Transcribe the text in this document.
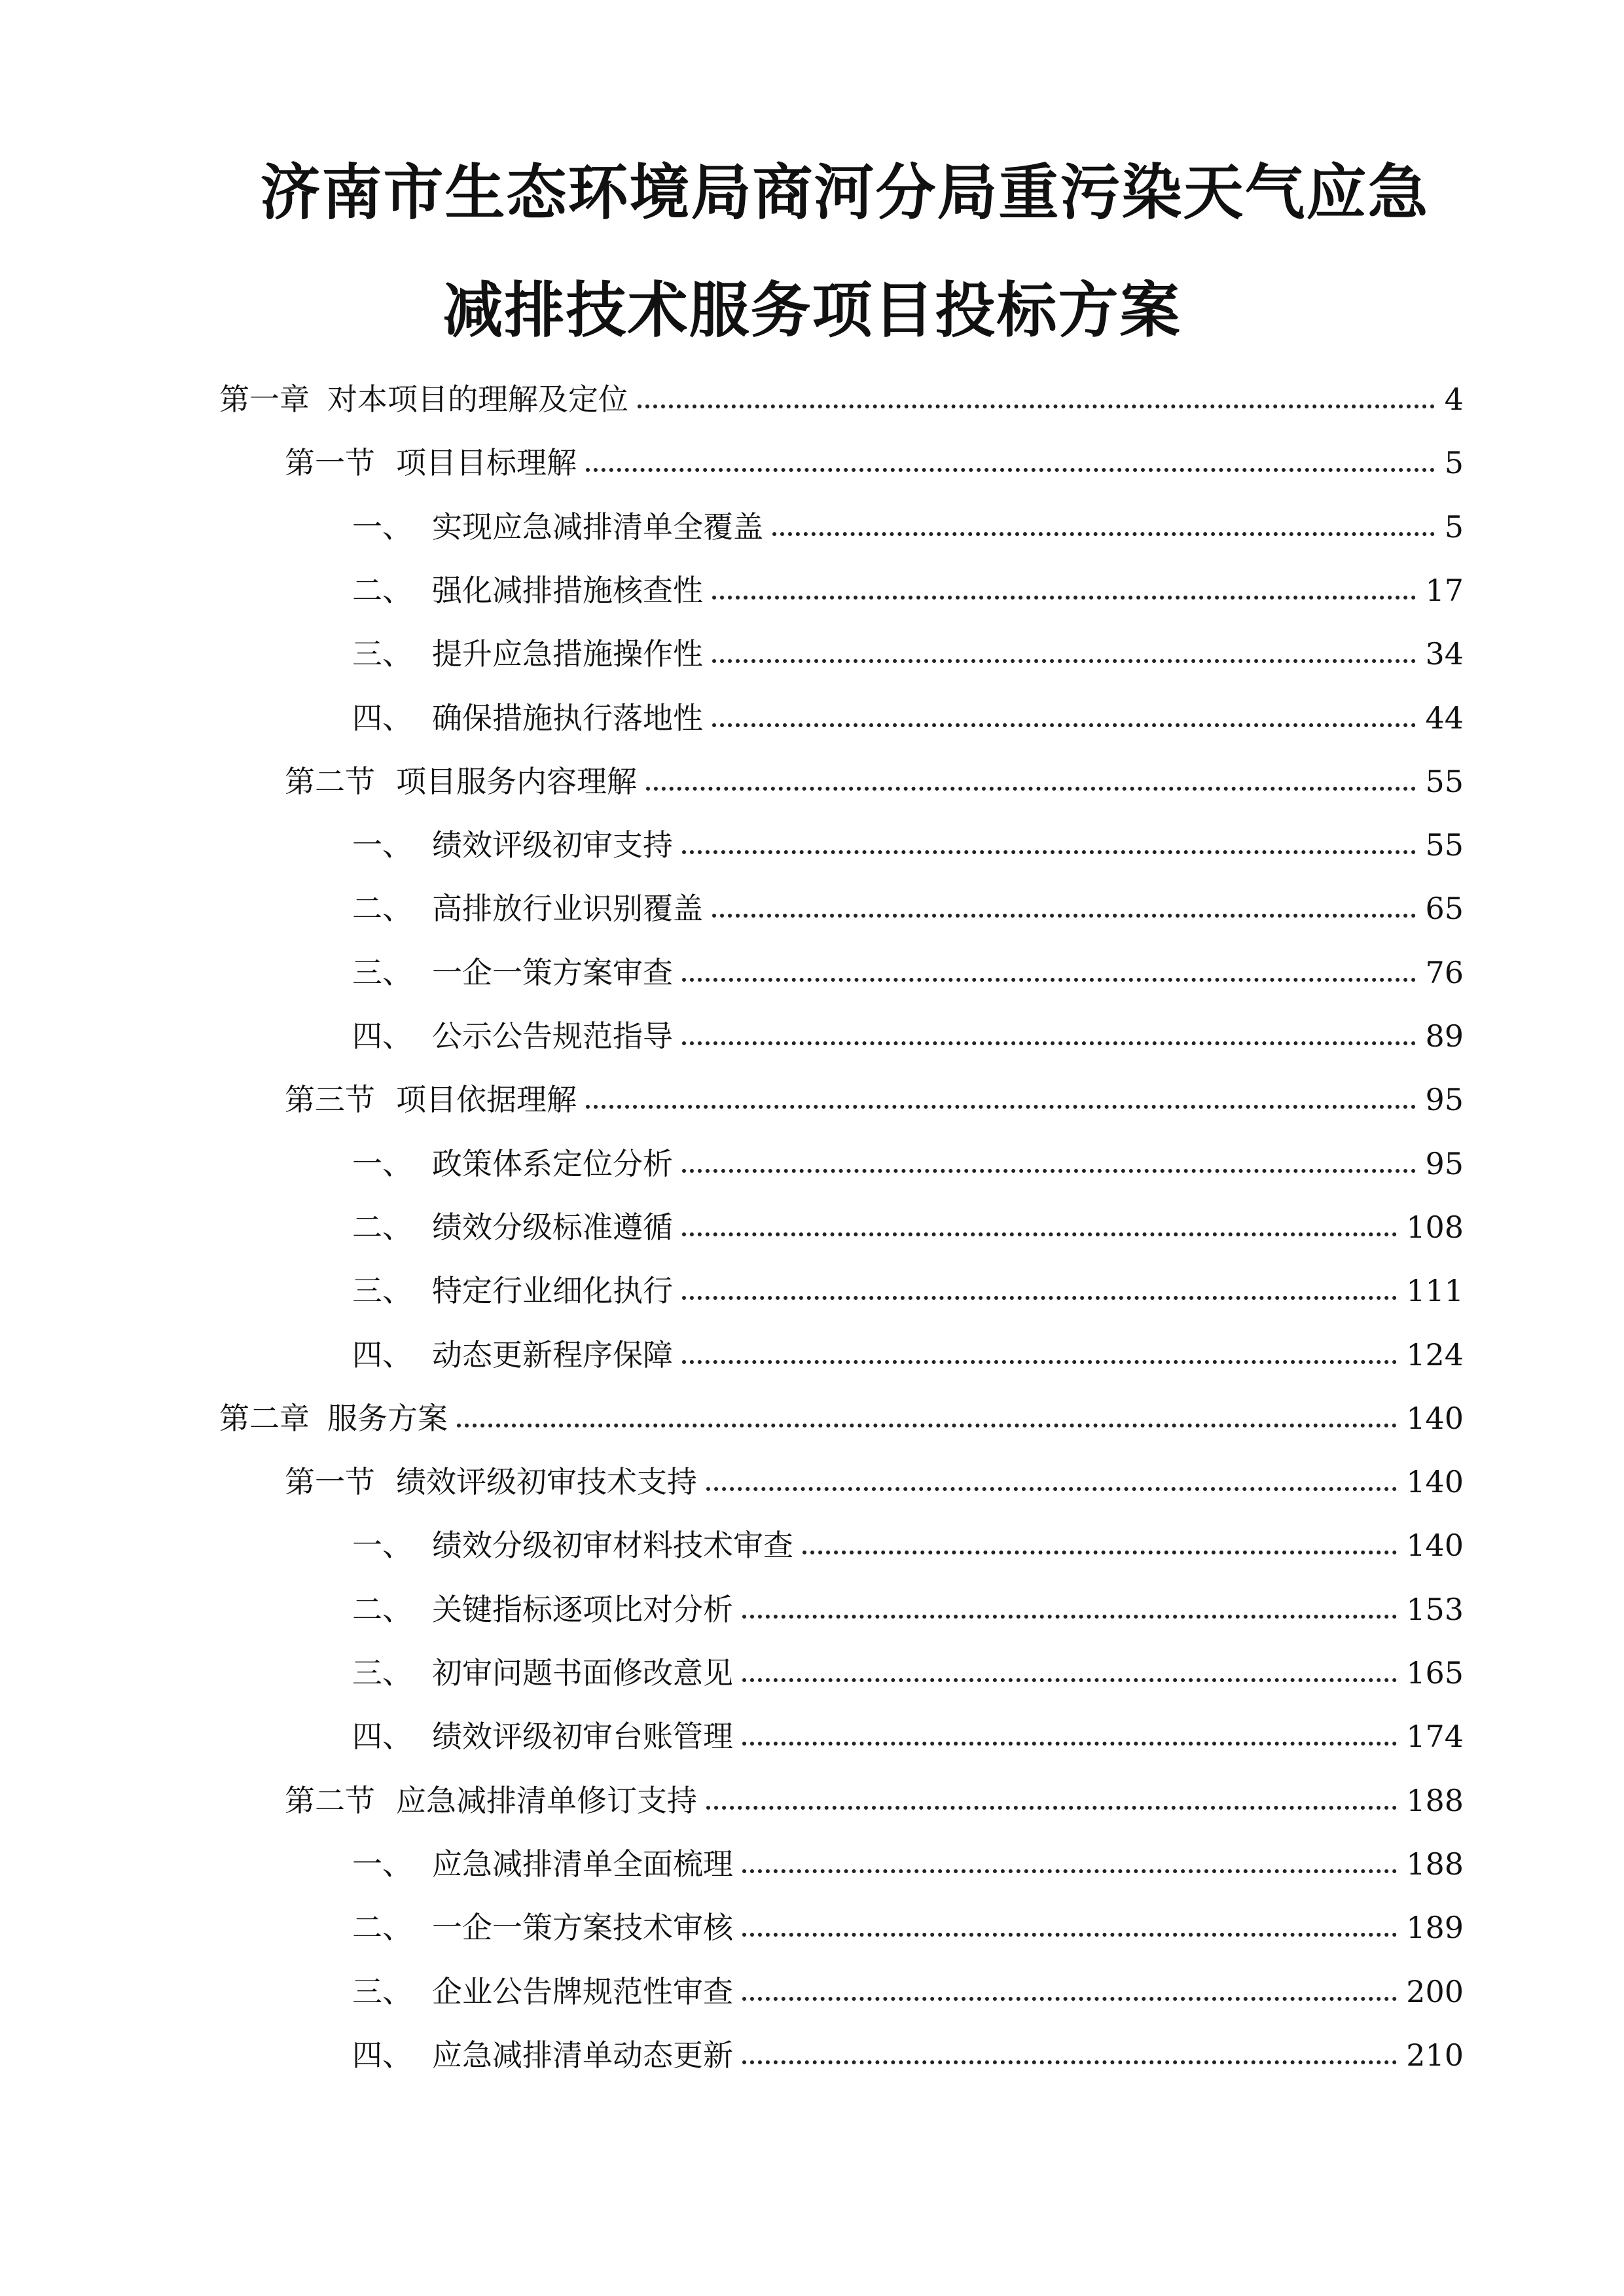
济南市生态环境局商河分局重污染天气应急
减排技术服务项目投标方案
第一章 对本项目的理解及定位	4
第一节 项目目标理解	5
一、 实现应急减排清单全覆盖	5
二、 强化减排措施核查性	17
三、 提升应急措施操作性	34
四、 确保措施执行落地性	44
第二节 项目服务内容理解	55
一、 绩效评级初审支持	55
二、 高排放行业识别覆盖	65
三、 一企一策方案审查	76
四、 公示公告规范指导	89
第三节 项目依据理解	95
一、 政策体系定位分析	95
二、 绩效分级标准遵循	108
三、 特定行业细化执行	111
四、 动态更新程序保障	124
第二章 服务方案	140
第一节 绩效评级初审技术支持	140
一、 绩效分级初审材料技术审查	140
二、 关键指标逐项比对分析	153
三、 初审问题书面修改意见	165
四、 绩效评级初审台账管理	174
第二节 应急减排清单修订支持	188
一、 应急减排清单全面梳理	188
二、 一企一策方案技术审核	189
三、 企业公告牌规范性审查	200
四、 应急减排清单动态更新	210
